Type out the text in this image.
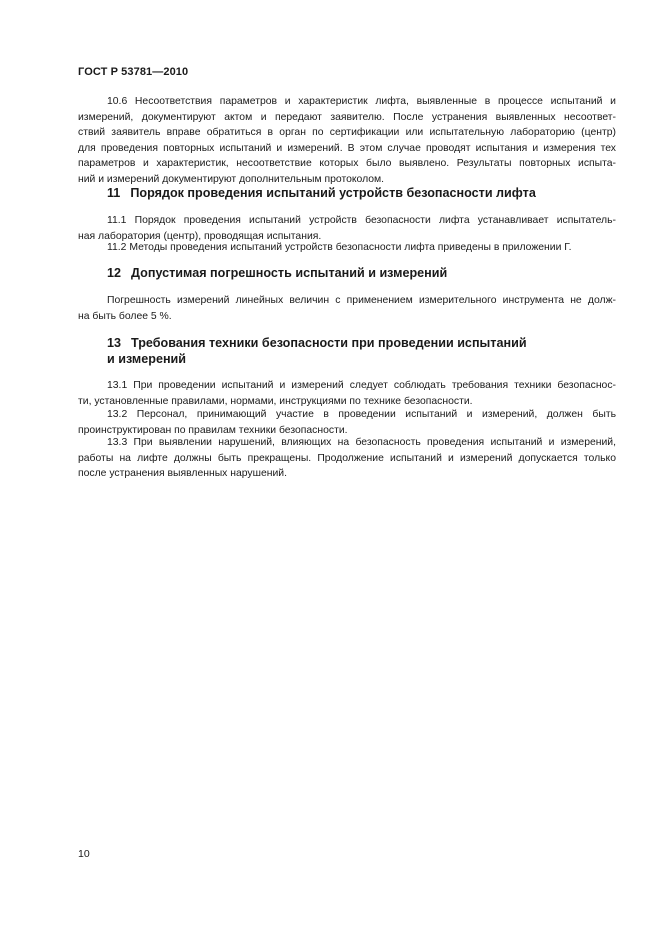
ГОСТ Р 53781—2010
10.6 Несоответствия параметров и характеристик лифта, выявленные в процессе испытаний и
измерений, документируют актом и передают заявителю. После устранения выявленных несоответ-
ствий заявитель вправе обратиться в орган по сертификации или испытательную лабораторию (центр)
для проведения повторных испытаний и измерений. В этом случае проводят испытания и измерения тех
параметров и характеристик, несоответствие которых было выявлено. Результаты повторных испыта-
ний и измерений документируют дополнительным протоколом.
11 Порядок проведения испытаний устройств безопасности лифта
11.1 Порядок проведения испытаний устройств безопасности лифта устанавливает испытатель-
ная лаборатория (центр), проводящая испытания.
11.2 Методы проведения испытаний устройств безопасности лифта приведены в приложении Г.
12 Допустимая погрешность испытаний и измерений
Погрешность измерений линейных величин с применением измерительного инструмента не долж-
на быть более 5 %.
13 Требования техники безопасности при проведении испытаний
и измерений
13.1 При проведении испытаний и измерений следует соблюдать требования техники безопаснос-
ти, установленные правилами, нормами, инструкциями по технике безопасности.
13.2 Персонал, принимающий участие в проведении испытаний и измерений, должен быть
проинструктирован по правилам техники безопасности.
13.3 При выявлении нарушений, влияющих на безопасность проведения испытаний и измерений,
работы на лифте должны быть прекращены. Продолжение испытаний и измерений допускается только
после устранения выявленных нарушений.
10
